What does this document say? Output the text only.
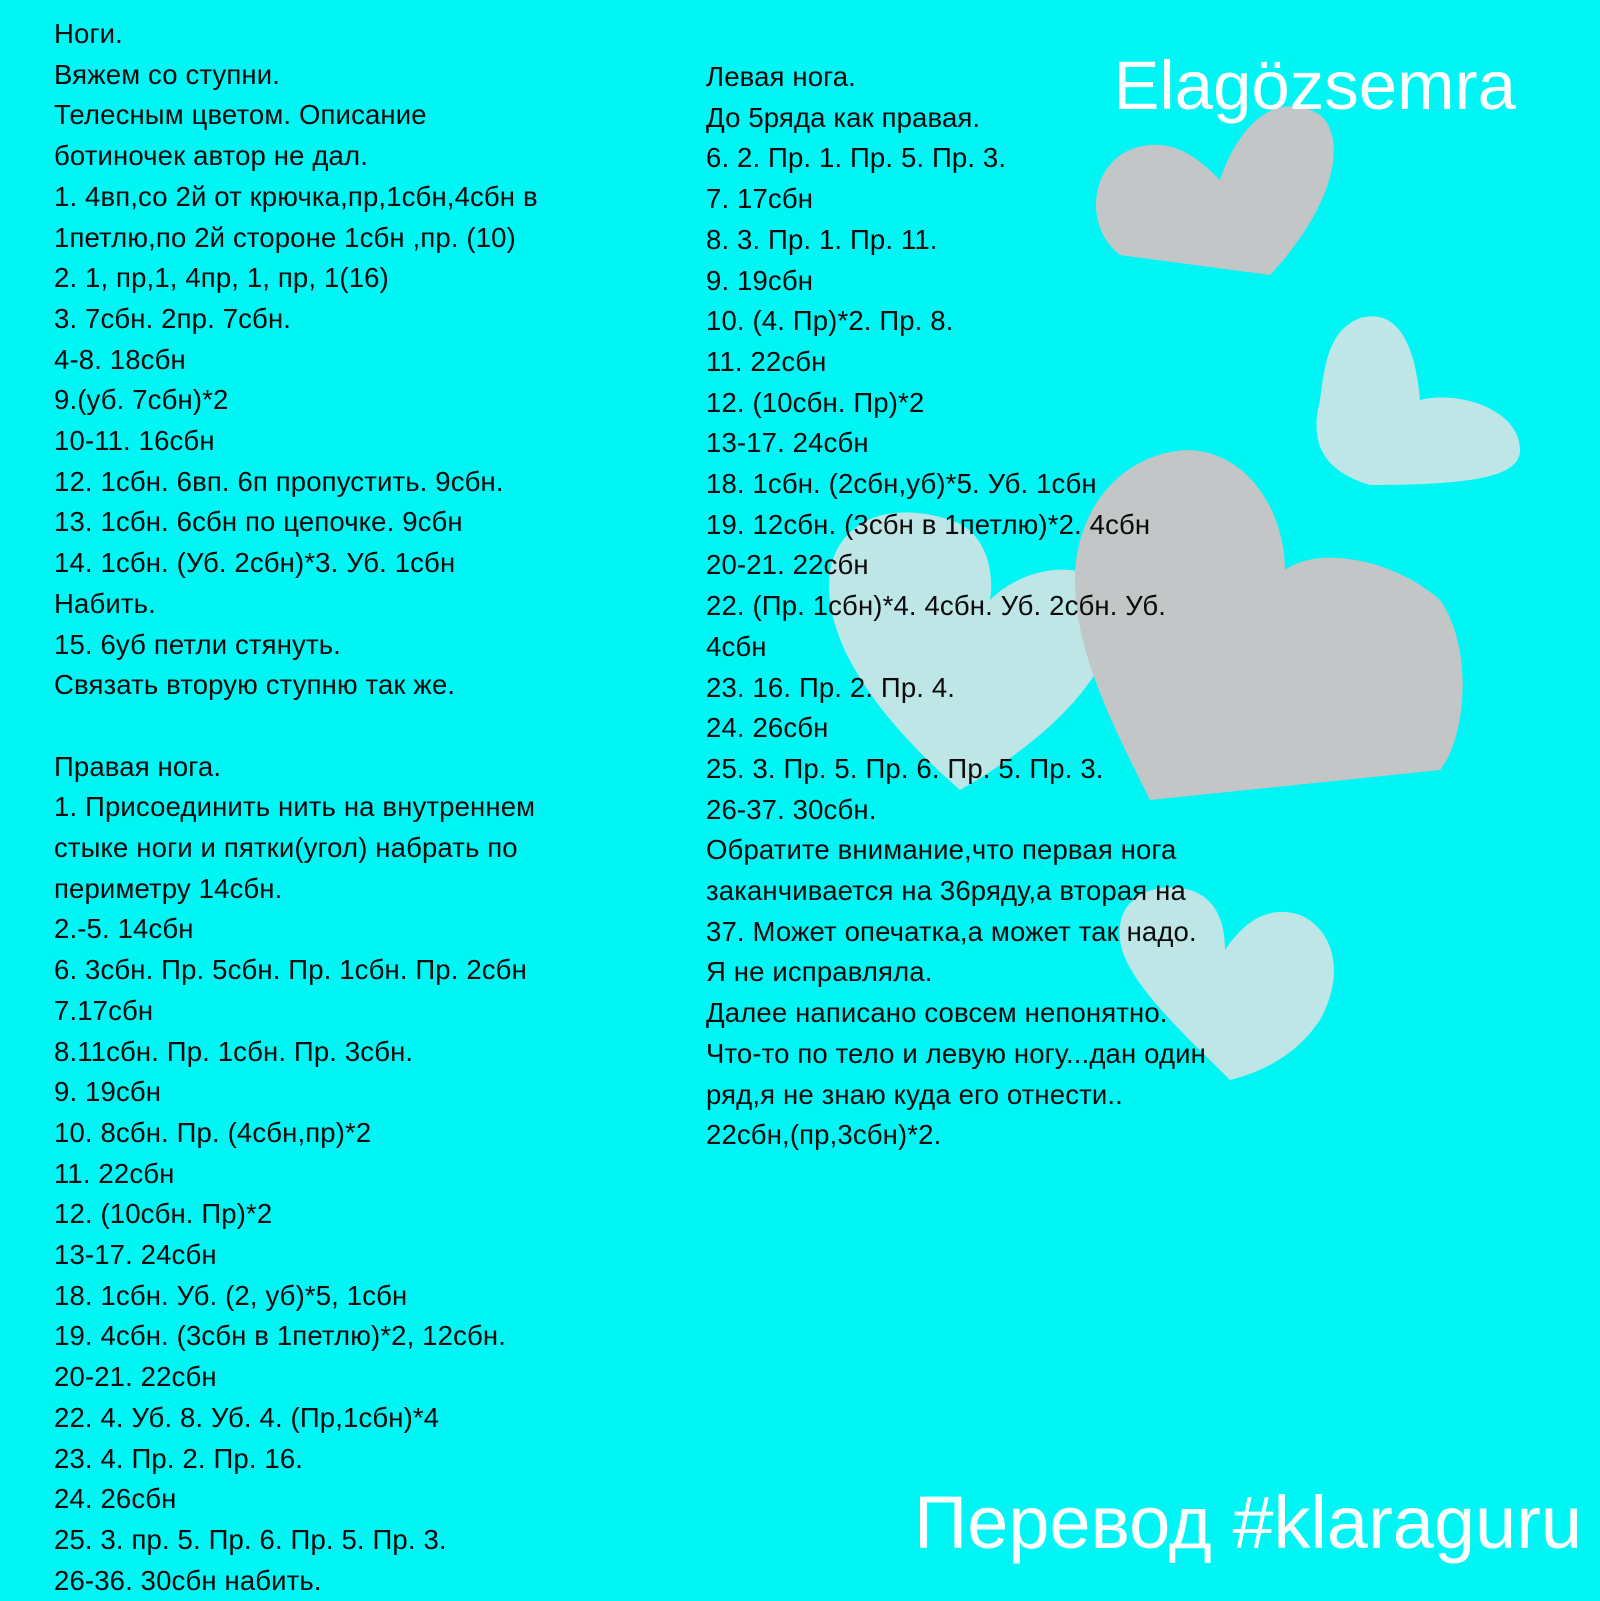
Ноги.
Вяжем со ступни.
Телесным цветом. Описание
ботиночек автор не дал.
1. 4вп,со 2й от крючка,пр,1сбн,4сбн в
1петлю,по 2й стороне 1сбн ,пр. (10)
2. 1, пр,1, 4пр, 1, пр, 1(16)
3. 7сбн. 2пр. 7сбн.
4-8. 18сбн
9.(уб. 7сбн)*2
10-11. 16сбн
12. 1сбн. 6вп. 6п пропустить. 9сбн.
13. 1сбн. 6сбн по цепочке. 9сбн
14. 1сбн. (Уб. 2сбн)*3. Уб. 1сбн
Набить.
15. 6уб петли стянуть.
Связать вторую ступню так же.
Правая нога.
1. Присоединить нить на внутреннем
стыке ноги и пятки(угол) набрать по
периметру 14сбн.
2.-5. 14сбн
6. 3сбн. Пр. 5сбн. Пр. 1сбн. Пр. 2сбн
7.17сбн
8.11сбн. Пр. 1сбн. Пр. 3сбн.
9. 19сбн
10. 8сбн. Пр. (4сбн,пр)*2
11. 22сбн
12. (10сбн. Пр)*2
13-17. 24сбн
18. 1сбн. Уб. (2, уб)*5, 1сбн
19. 4сбн. (3сбн в 1петлю)*2, 12сбн.
20-21. 22сбн
22. 4. Уб. 8. Уб. 4. (Пр,1сбн)*4
23. 4. Пр. 2. Пр. 16.
24. 26сбн
25. 3. пр. 5. Пр. 6. Пр. 5. Пр. 3.
26-36. 30сбн набить.
Левая нога.
До 5ряда как правая.
6. 2. Пр. 1. Пр. 5. Пр. 3.
7. 17сбн
8. 3. Пр. 1. Пр. 11.
9. 19сбн
10. (4. Пр)*2. Пр. 8.
11. 22сбн
12. (10сбн. Пр)*2
13-17. 24сбн
18. 1сбн. (2сбн,уб)*5. Уб. 1сбн
19. 12сбн. (3сбн в 1петлю)*2. 4сбн
20-21. 22сбн
22. (Пр. 1сбн)*4. 4сбн. Уб. 2сбн. Уб.
4сбн
23. 16. Пр. 2. Пр. 4.
24. 26сбн
25. 3. Пр. 5. Пр. 6. Пр. 5. Пр. 3.
26-37. 30сбн.
Обратите внимание,что первая нога
заканчивается на 36ряду,а вторая на
37. Может опечатка,а может так надо.
Я не исправляла.
Далее написано совсем непонятно.
Что-то по тело и левую ногу...дан один
ряд,я не знаю куда его отнести..
22сбн,(пр,3сбн)*2.
Elagözsemra
Перевод #klaraguru
